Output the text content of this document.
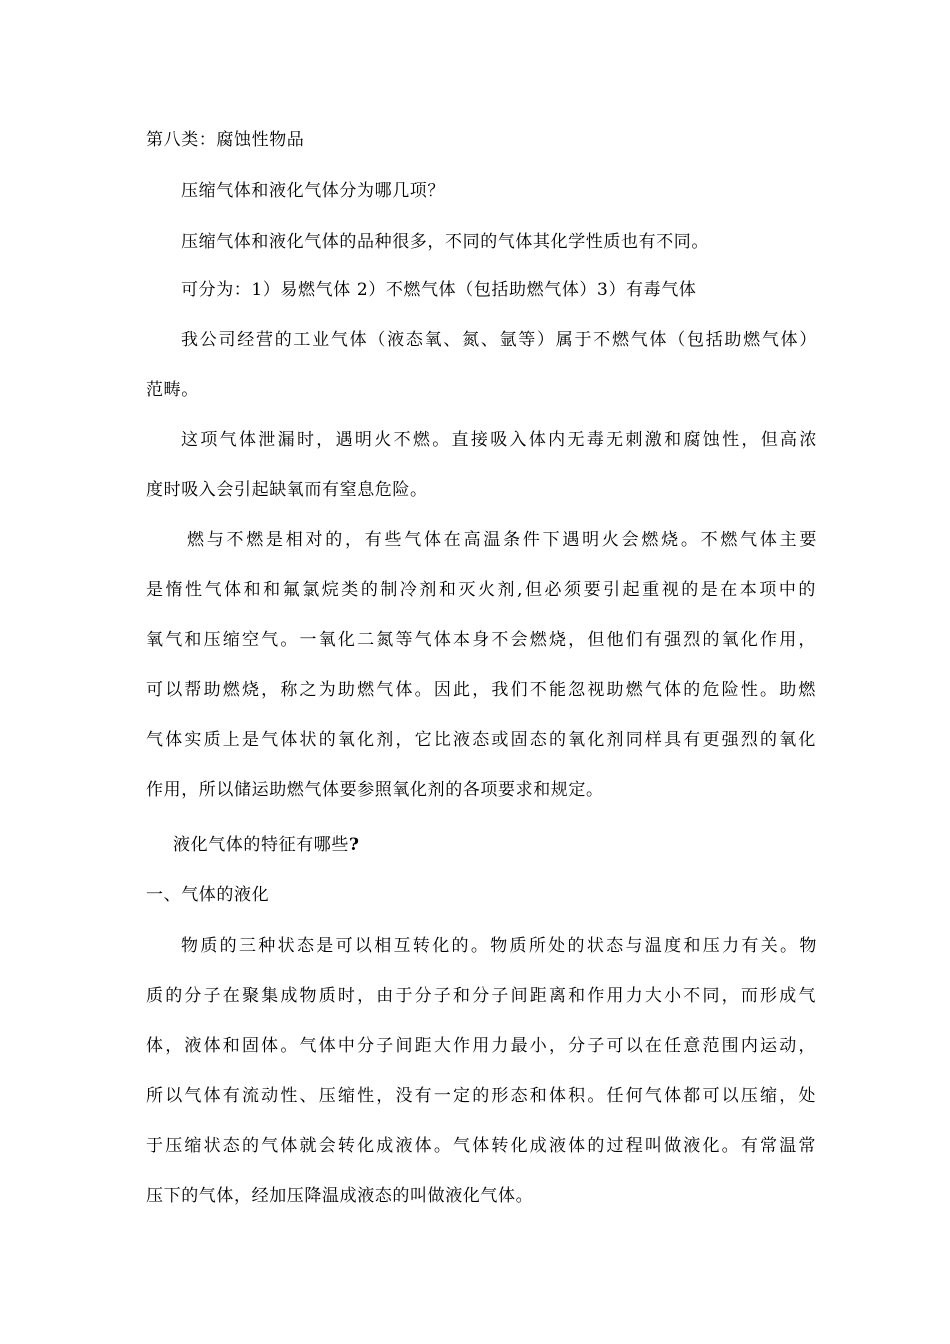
第八类：腐蚀性物品
压缩气体和液化气体分为哪几项？
压缩气体和液化气体的品种很多，不同的气体其化学性质也有不同。
可分为：1）易燃气体 2）不燃气体（包括助燃气体）3）有毒气体
我公司经营的工业气体（液态氧、氮、氩等）属于不燃气体（包括助燃气体）
范畴。
这项气体泄漏时，遇明火不燃。直接吸入体内无毒无刺激和腐蚀性，但高浓
度时吸入会引起缺氧而有窒息危险。
燃与不燃是相对的，有些气体在高温条件下遇明火会燃烧。不燃气体主要
是惰性气体和和氟氯烷类的制冷剂和灭火剂,但必须要引起重视的是在本项中的
氧气和压缩空气。一氧化二氮等气体本身不会燃烧，但他们有强烈的氧化作用，
可以帮助燃烧，称之为助燃气体。因此，我们不能忽视助燃气体的危险性。助燃
气体实质上是气体状的氧化剂，它比液态或固态的氧化剂同样具有更强烈的氧化
作用，所以储运助燃气体要参照氧化剂的各项要求和规定。
液化气体的特征有哪些?
一、气体的液化
物质的三种状态是可以相互转化的。物质所处的状态与温度和压力有关。物
质的分子在聚集成物质时，由于分子和分子间距离和作用力大小不同，而形成气
体，液体和固体。气体中分子间距大作用力最小，分子可以在任意范围内运动，
所以气体有流动性、压缩性，没有一定的形态和体积。任何气体都可以压缩，处
于压缩状态的气体就会转化成液体。气体转化成液体的过程叫做液化。有常温常
压下的气体，经加压降温成液态的叫做液化气体。
